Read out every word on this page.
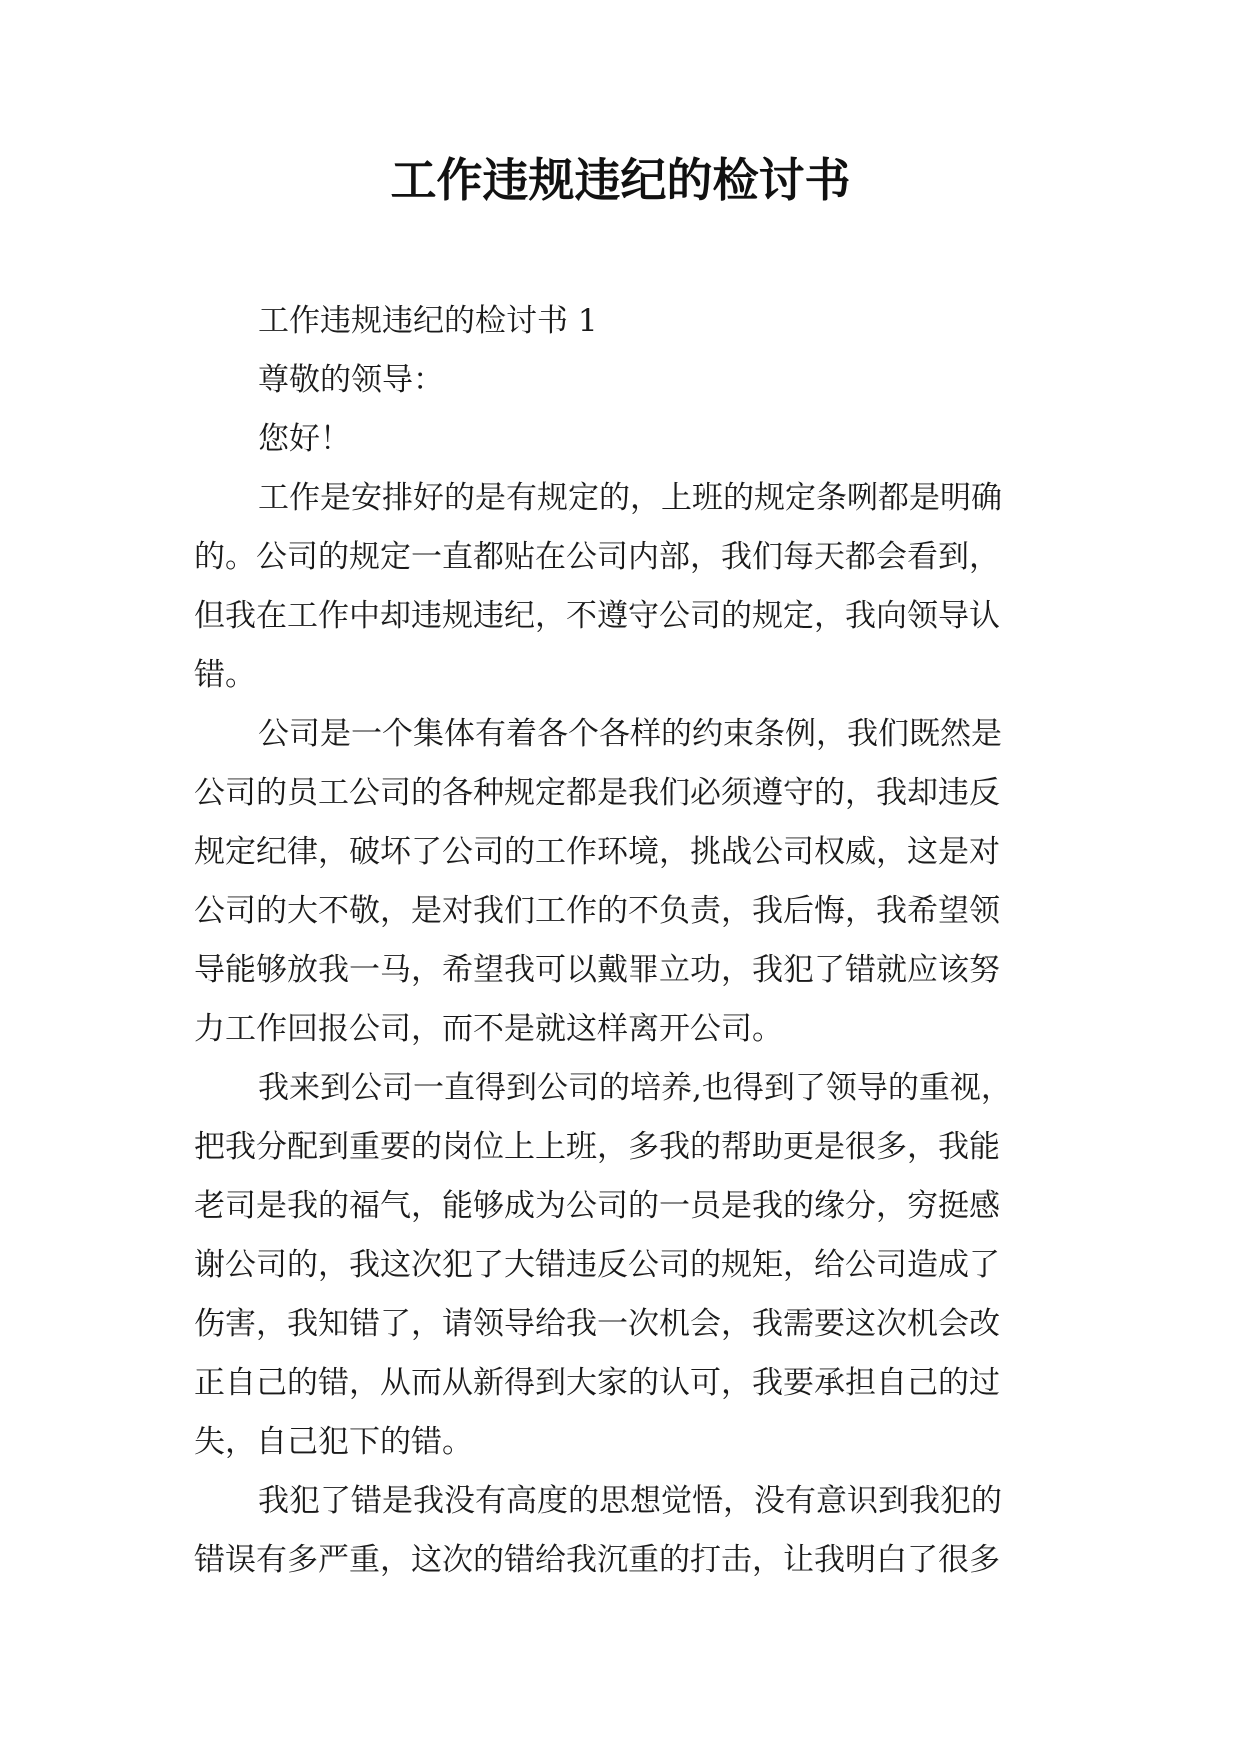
工作违规违纪的检讨书
工作违规违纪的检讨书 1
尊敬的领导：
您好！
工作是安排好的是有规定的，上班的规定条咧都是明确
的。公司的规定一直都贴在公司内部，我们每天都会看到，
但我在工作中却违规违纪，不遵守公司的规定，我向领导认
错。
公司是一个集体有着各个各样的约束条例，我们既然是
公司的员工公司的各种规定都是我们必须遵守的，我却违反
规定纪律，破坏了公司的工作环境，挑战公司权威，这是对
公司的大不敬，是对我们工作的不负责，我后悔，我希望领
导能够放我一马，希望我可以戴罪立功，我犯了错就应该努
力工作回报公司，而不是就这样离开公司。
我来到公司一直得到公司的培养,也得到了领导的重视，
把我分配到重要的岗位上上班，多我的帮助更是很多，我能
老司是我的福气，能够成为公司的一员是我的缘分，穷挺感
谢公司的，我这次犯了大错违反公司的规矩，给公司造成了
伤害，我知错了，请领导给我一次机会，我需要这次机会改
正自己的错，从而从新得到大家的认可，我要承担自己的过
失，自己犯下的错。
我犯了错是我没有高度的思想觉悟，没有意识到我犯的
错误有多严重，这次的错给我沉重的打击，让我明白了很多
